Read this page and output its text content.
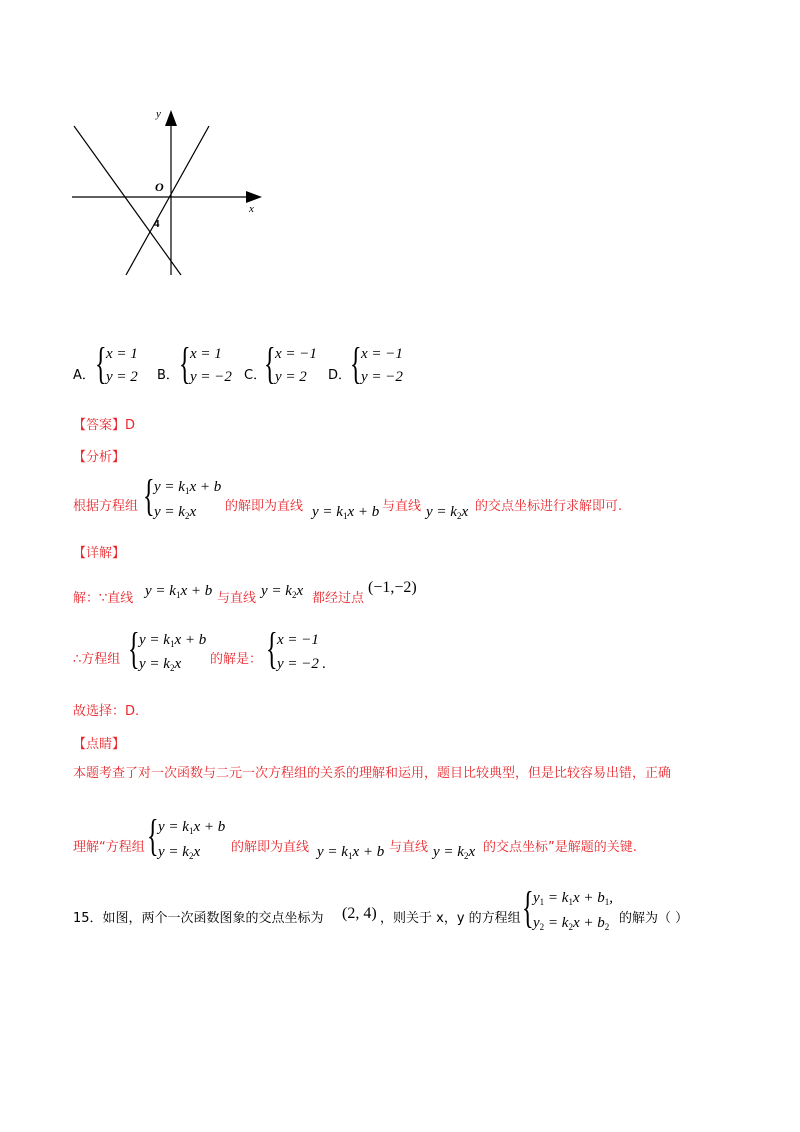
y
x
O
4
A． { x = 1
y = 2 B． { x = 1
y = −2 C．
{ x = −1
y = 2 D．
{ x = −1
y = −2
【答案】D
【分析】
根据方程组 { $y = k_1x + b$
$y = k_2x$ 的解即为直线 $y = k_1x + b$ 与直线 $y = k_2x$ 的交点坐标进行求解即可.
【详解】
解：∵直线 $y = k_1x + b$ 与直线 $y = k_2x$ 都经过点
(−1,−2)
∴方程组 { $y = k_1x + b$
$y = k_2x$ 的解是： { x = −1
y = −2 .
故选择：D.
【点睛】
本题考查了对一次函数与二元一次方程组的关系的理解和运用，题目比较典型，但是比较容易出错，正确
理解“方程组 { $y = k_1x + b$
$y = k_2x$ 的解即为直线 $y = k_1x + b$ 与直线 $y = k_2x$ 的交点坐标”是解题的关键.
15．如图，两个一次函数图象的交点坐标为 (2, 4) ，则关于 x，y 的方程组 { $y_1 = k_1x + b_1$,
$y_2 = k_2x + b_2$
的解为（ ）
